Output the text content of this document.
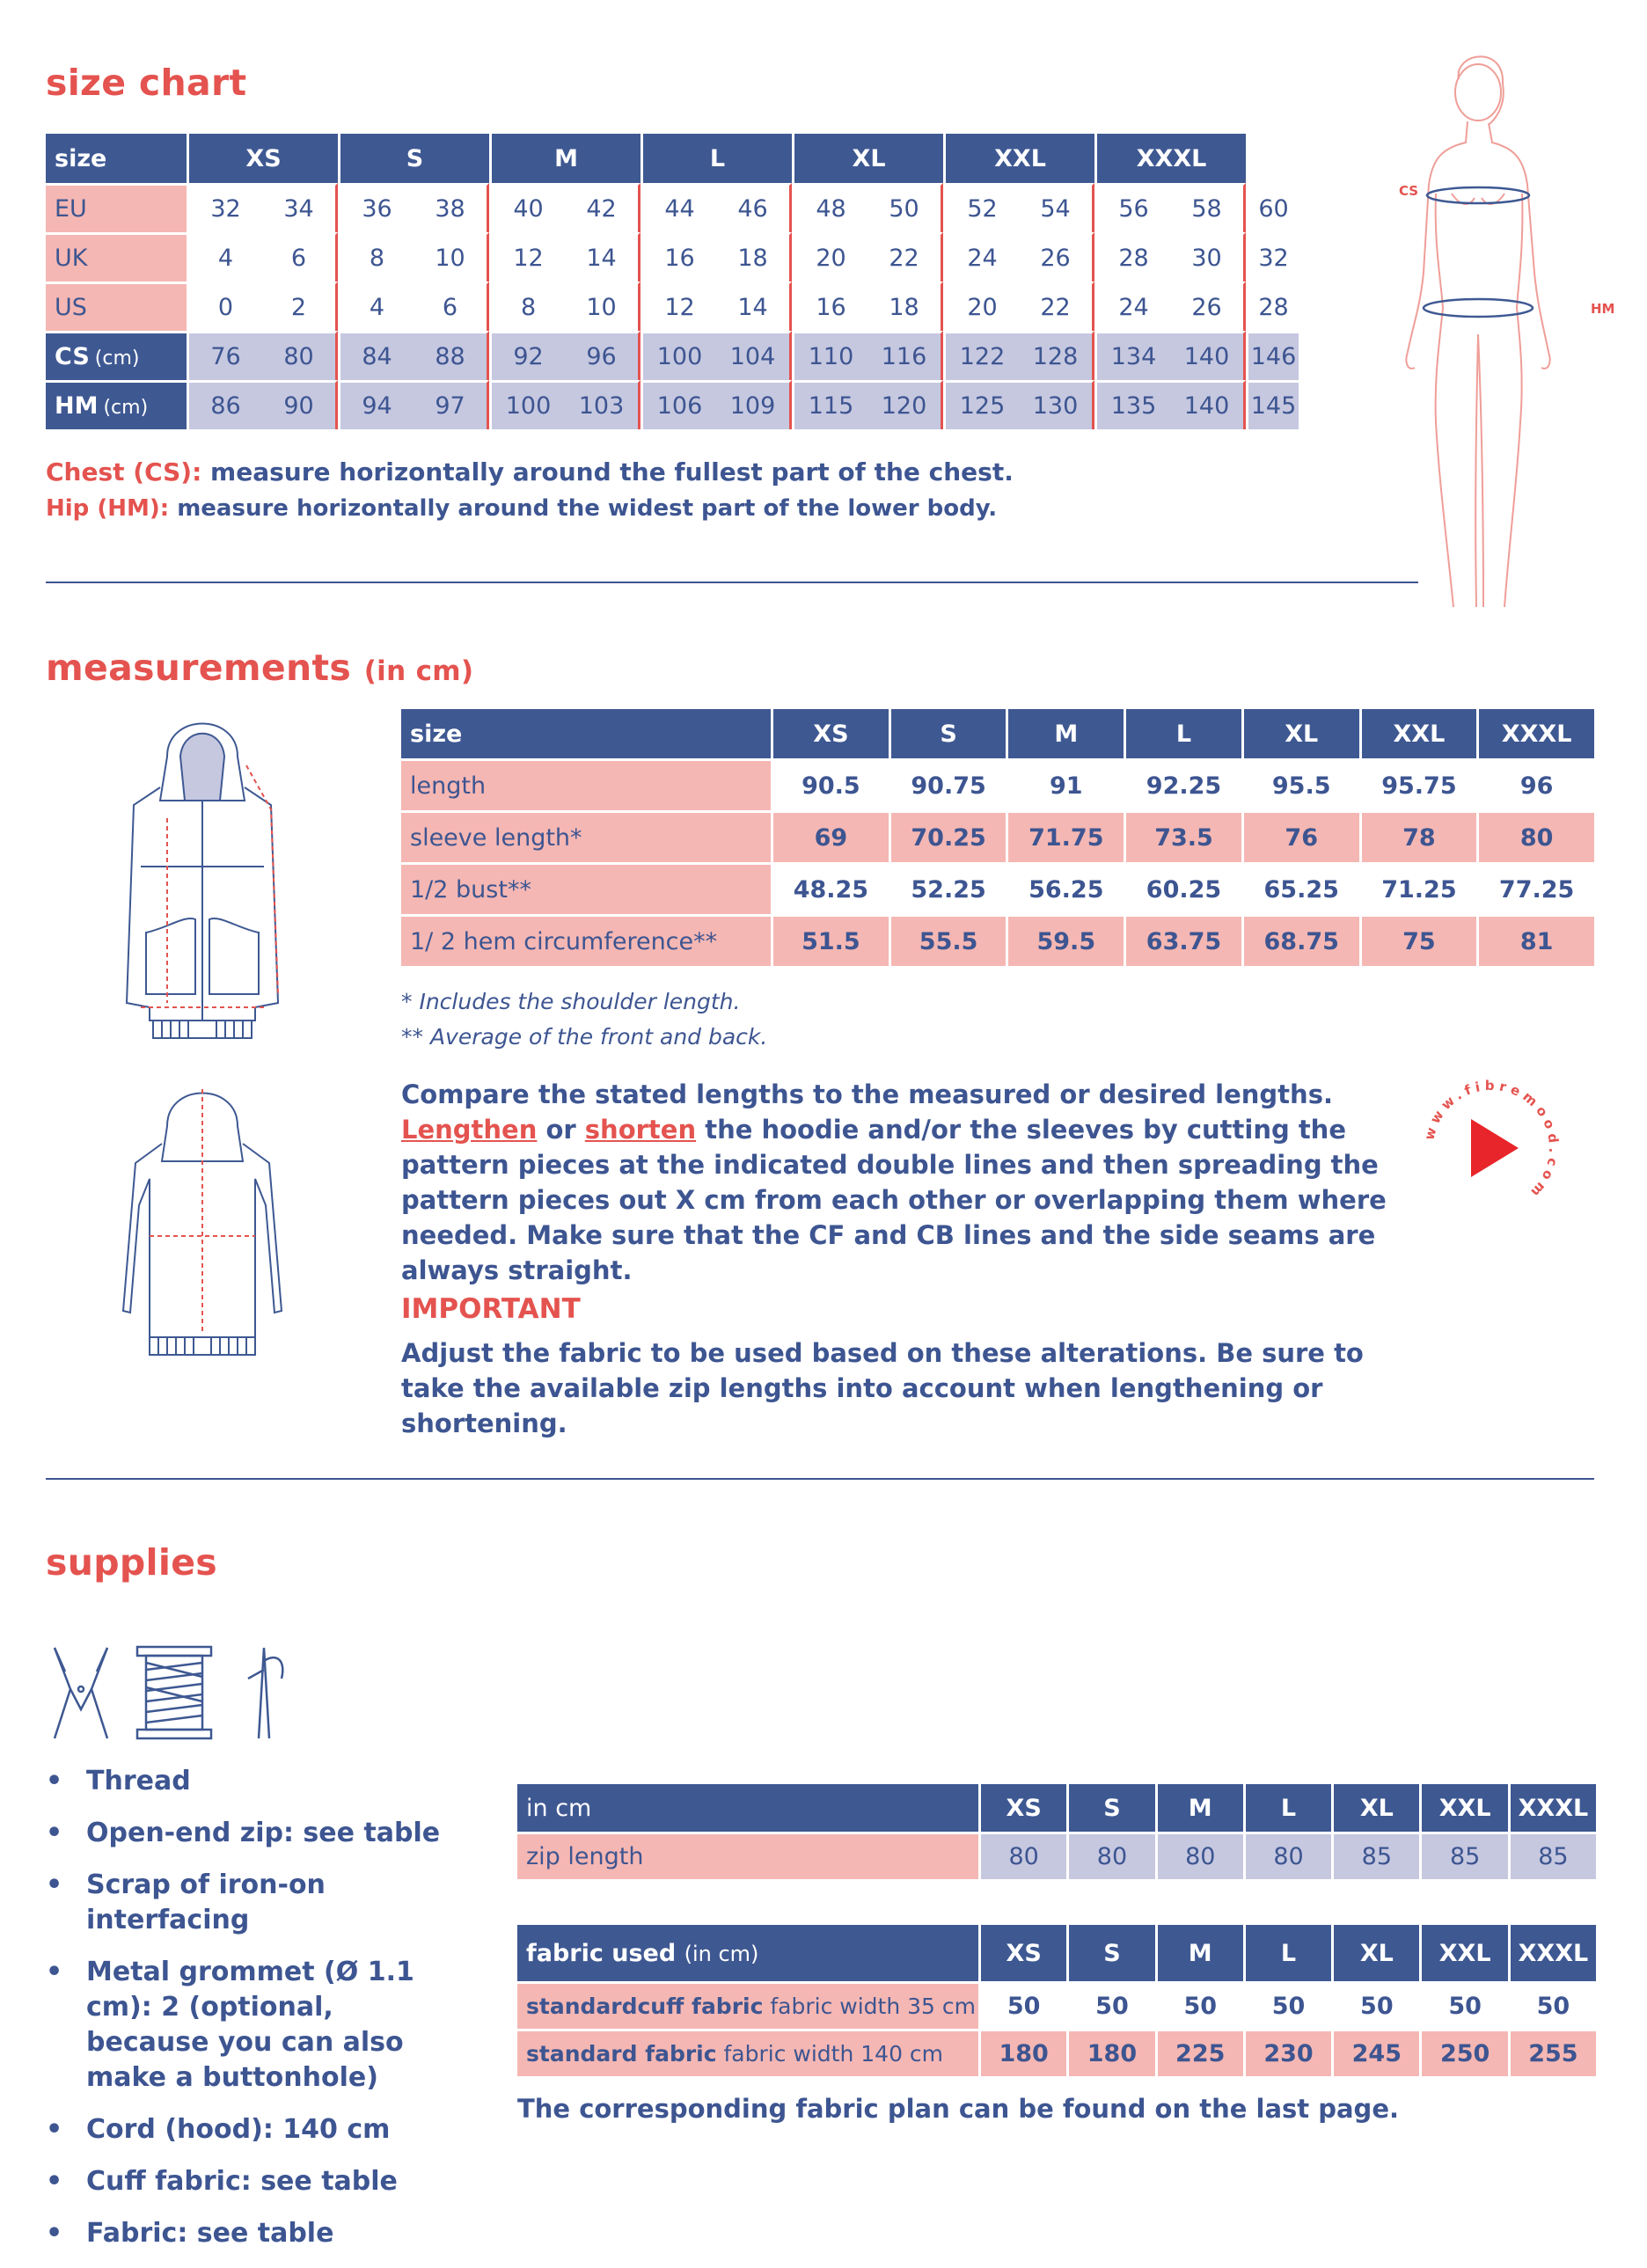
size chart
size	XS		S		M		L		XL		XXL		XXXL		
EU	32	34	36	38	40	42	44	46	48	50	52	54	56	58	60
UK	4	6	8	10	12	14	16	18	20	22	24	26	28	30	32
US	0	2	4	6	8	10	12	14	16	18	20	22	24	26	28
CS (cm)	76	80	84	88	92	96	100	104	110	116	122	128	134	140	146
HM (cm)	86	90	94	97	100	103	106	109	115	120	125	130	135	140	145
Chest (CS): measure horizontally around the fullest part of the chest.
Hip (HM): measure horizontally around the widest part of the lower body.
CS
HM
measurements (in cm)
size	XS	S	M	L	XL	XXL	XXXL
length	90.5	90.75	91	92.25	95.5	95.75	96
sleeve length*	69	70.25	71.75	73.5	76	78	80
1/2 bust**	48.25	52.25	56.25	60.25	65.25	71.25	77.25
1/ 2 hem circumference**	51.5	55.5	59.5	63.75	68.75	75	81
* Includes the shoulder length.
** Average of the front and back.
Compare the stated lengths to the measured or desired lengths. Lengthen or shorten the hoodie and/or the sleeves by cutting the pattern pieces at the indicated double lines and then spreading the pattern pieces out X cm from each other or overlapping them where needed. Make sure that the CF and CB lines and the side seams are always straight.
www.fibremood.com
IMPORTANT
Adjust the fabric to be used based on these alterations. Be sure to take the available zip lengths into account when lengthening or shortening.
supplies
• Thread
• Open-end zip: see table
• Scrap of iron-on interfacing
• Metal grommet (Ø 1.1 cm): 2 (optional, because you can also make a buttonhole)
• Cord (hood): 140 cm
• Cuff fabric: see table
• Fabric: see table
in cm	XS	S	M	L	XL	XXL	XXXL
zip length	80	80	80	80	85	85	85
fabric used (in cm)	XS	S	M	L	XL	XXL	XXXL
standardcuff fabric fabric width 35 cm	50	50	50	50	50	50	50
standard fabric fabric width 140 cm	180	180	225	230	245	250	255
The corresponding fabric plan can be found on the last page.
